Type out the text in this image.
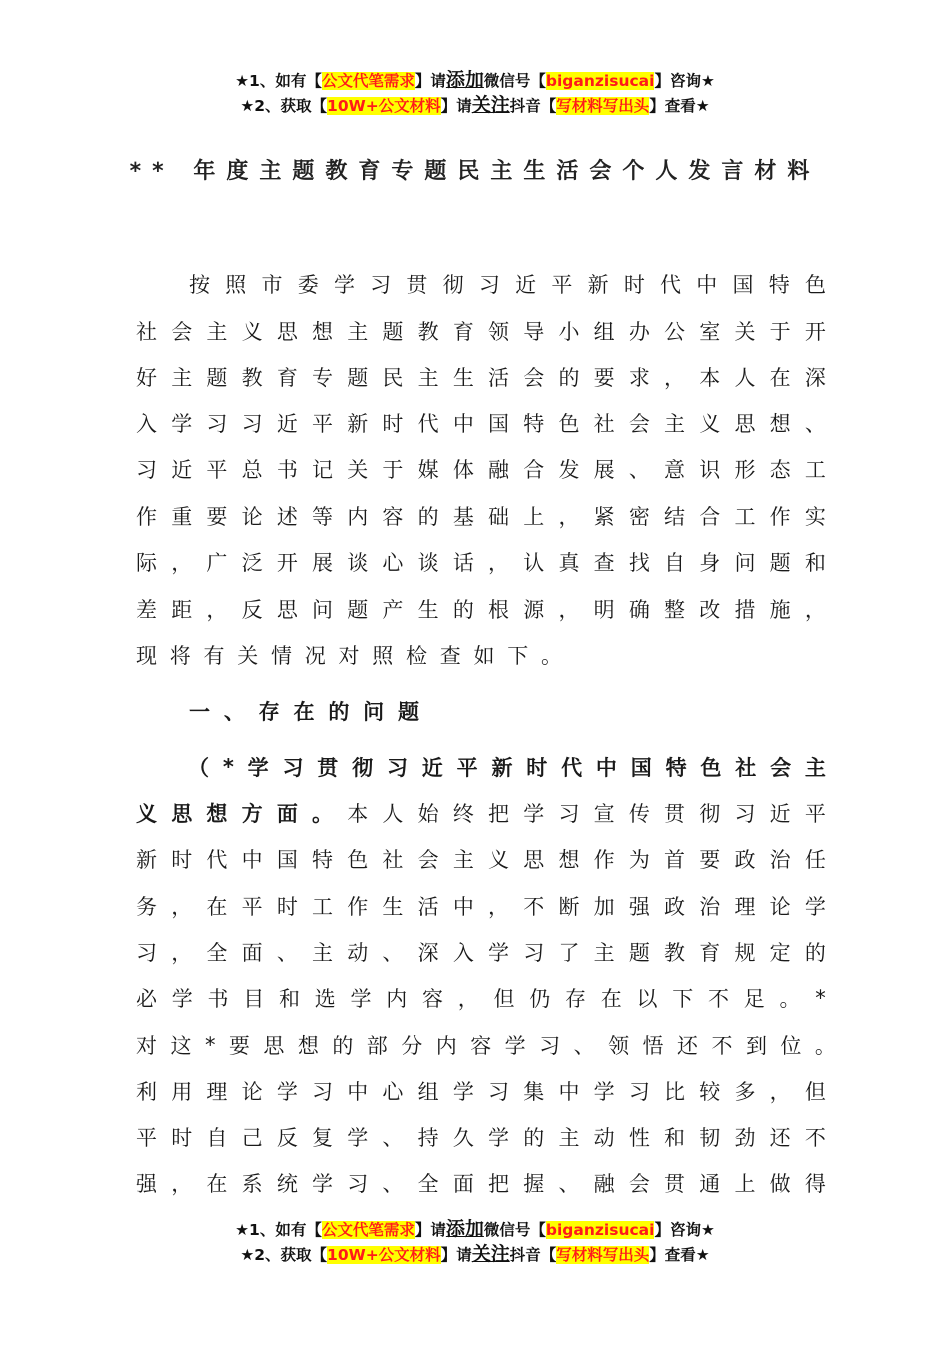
★1、如有【公文代笔需求】请添加微信号【biganzisucai】咨询★
★2、获取【10W+公文材料】请关注抖音【写材料写出头】查看★
** 年度主题教育专题民主生活会个人发言材料
按 照 市 委 学 习 贯 彻 习 近 平 新 时 代 中 国 特 色
社 会 主 义 思 想 主 题 教 育 领 导 小 组 办 公 室 关 于 开
好 主 题 教 育 专 题 民 主 生 活 会 的 要 求 ， 本 人 在 深
入 学 习 习 近 平 新 时 代 中 国 特 色 社 会 主 义 思 想 、
习 近 平 总 书 记 关 于 媒 体 融 合 发 展 、 意 识 形 态 工
作 重 要 论 述 等 内 容 的 基 础 上 ， 紧 密 结 合 工 作 实
际 ， 广 泛 开 展 谈 心 谈 话 ， 认 真 查 找 自 身 问 题 和
差 距 ， 反 思 问 题 产 生 的 根 源 ， 明 确 整 改 措 施 ，
现 将 有 关 情 况 对 照 检 查 如 下 。
一 、 存 在 的 问 题
（ * 学 习 贯 彻 习 近 平 新 时 代 中 国 特 色 社 会 主
义 思 想 方 面 。 本 人 始 终 把 学 习 宣 传 贯 彻 习 近 平
新 时 代 中 国 特 色 社 会 主 义 思 想 作 为 首 要 政 治 任
务 ， 在 平 时 工 作 生 活 中 ， 不 断 加 强 政 治 理 论 学
习 ， 全 面 、 主 动 、 深 入 学 习 了 主 题 教 育 规 定 的
必 学 书 目 和 选 学 内 容 ， 但 仍 存 在 以 下 不 足 。 *
对 这 * 要 思 想 的 部 分 内 容 学 习 、 领 悟 还 不 到 位 。
利 用 理 论 学 习 中 心 组 学 习 集 中 学 习 比 较 多 ， 但
平 时 自 己 反 复 学 、 持 久 学 的 主 动 性 和 韧 劲 还 不
强 ， 在 系 统 学 习 、 全 面 把 握 、 融 会 贯 通 上 做 得
★1、如有【公文代笔需求】请添加微信号【biganzisucai】咨询★
★2、获取【10W+公文材料】请关注抖音【写材料写出头】查看★
